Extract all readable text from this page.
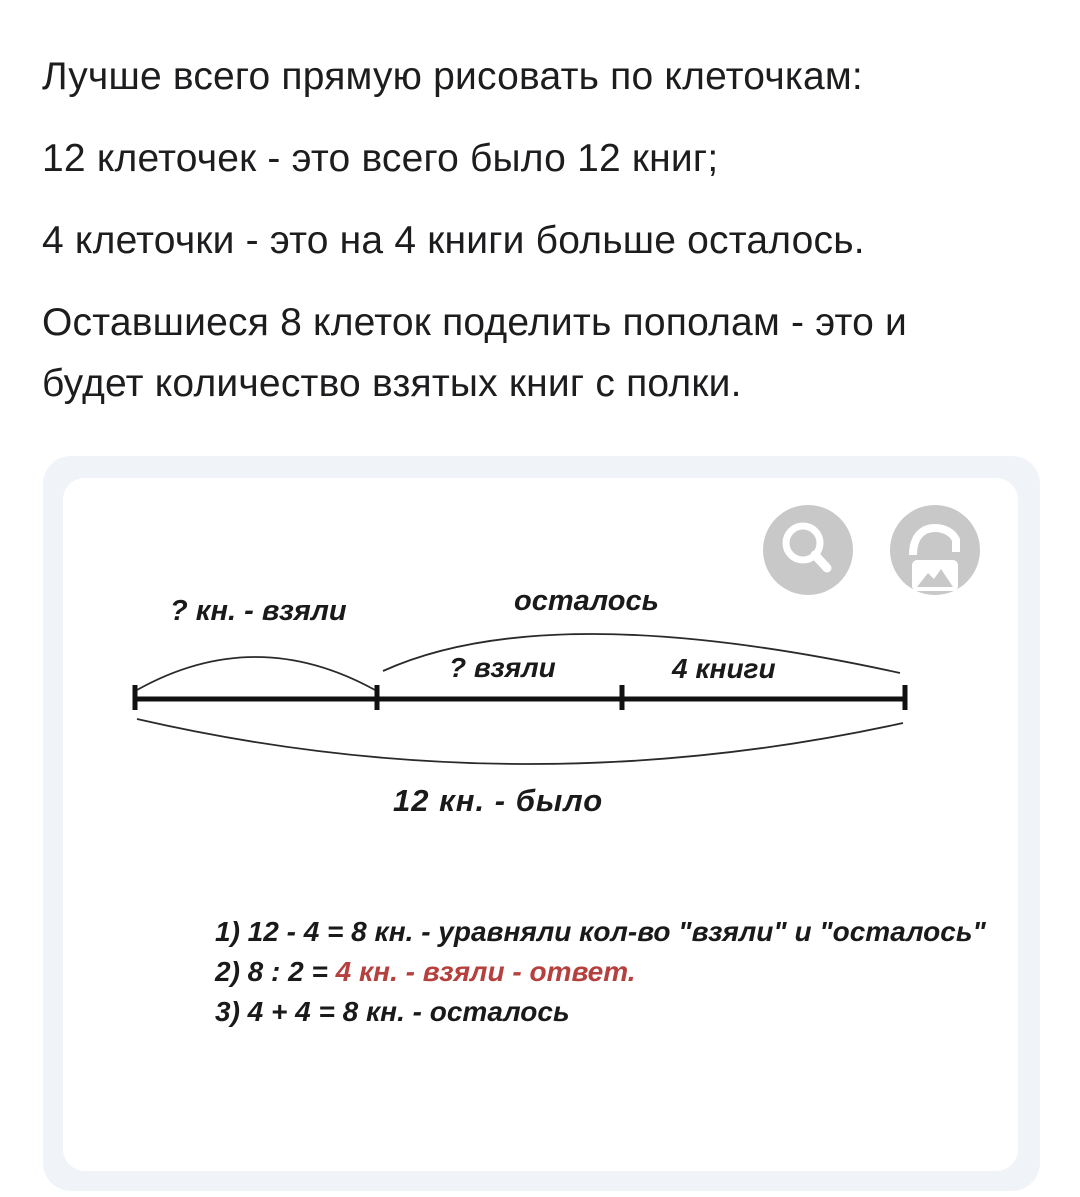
Лучше всего прямую рисовать по клеточкам:
12 клеточек - это всего было 12 книг;
4 клеточки - это на 4 книги больше осталось.
Оставшиеся 8 клеток поделить пополам - это и будет количество взятых книг с полки.
? кн. - взяли	осталось
? взяли	4 книги
12 кн. - было
1) 12 - 4 = 8 кн. - уравняли кол-во "взяли" и "осталось"
2) 8 : 2 = 4 кн. - взяли - ответ.
3) 4 + 4 = 8 кн. - осталось
